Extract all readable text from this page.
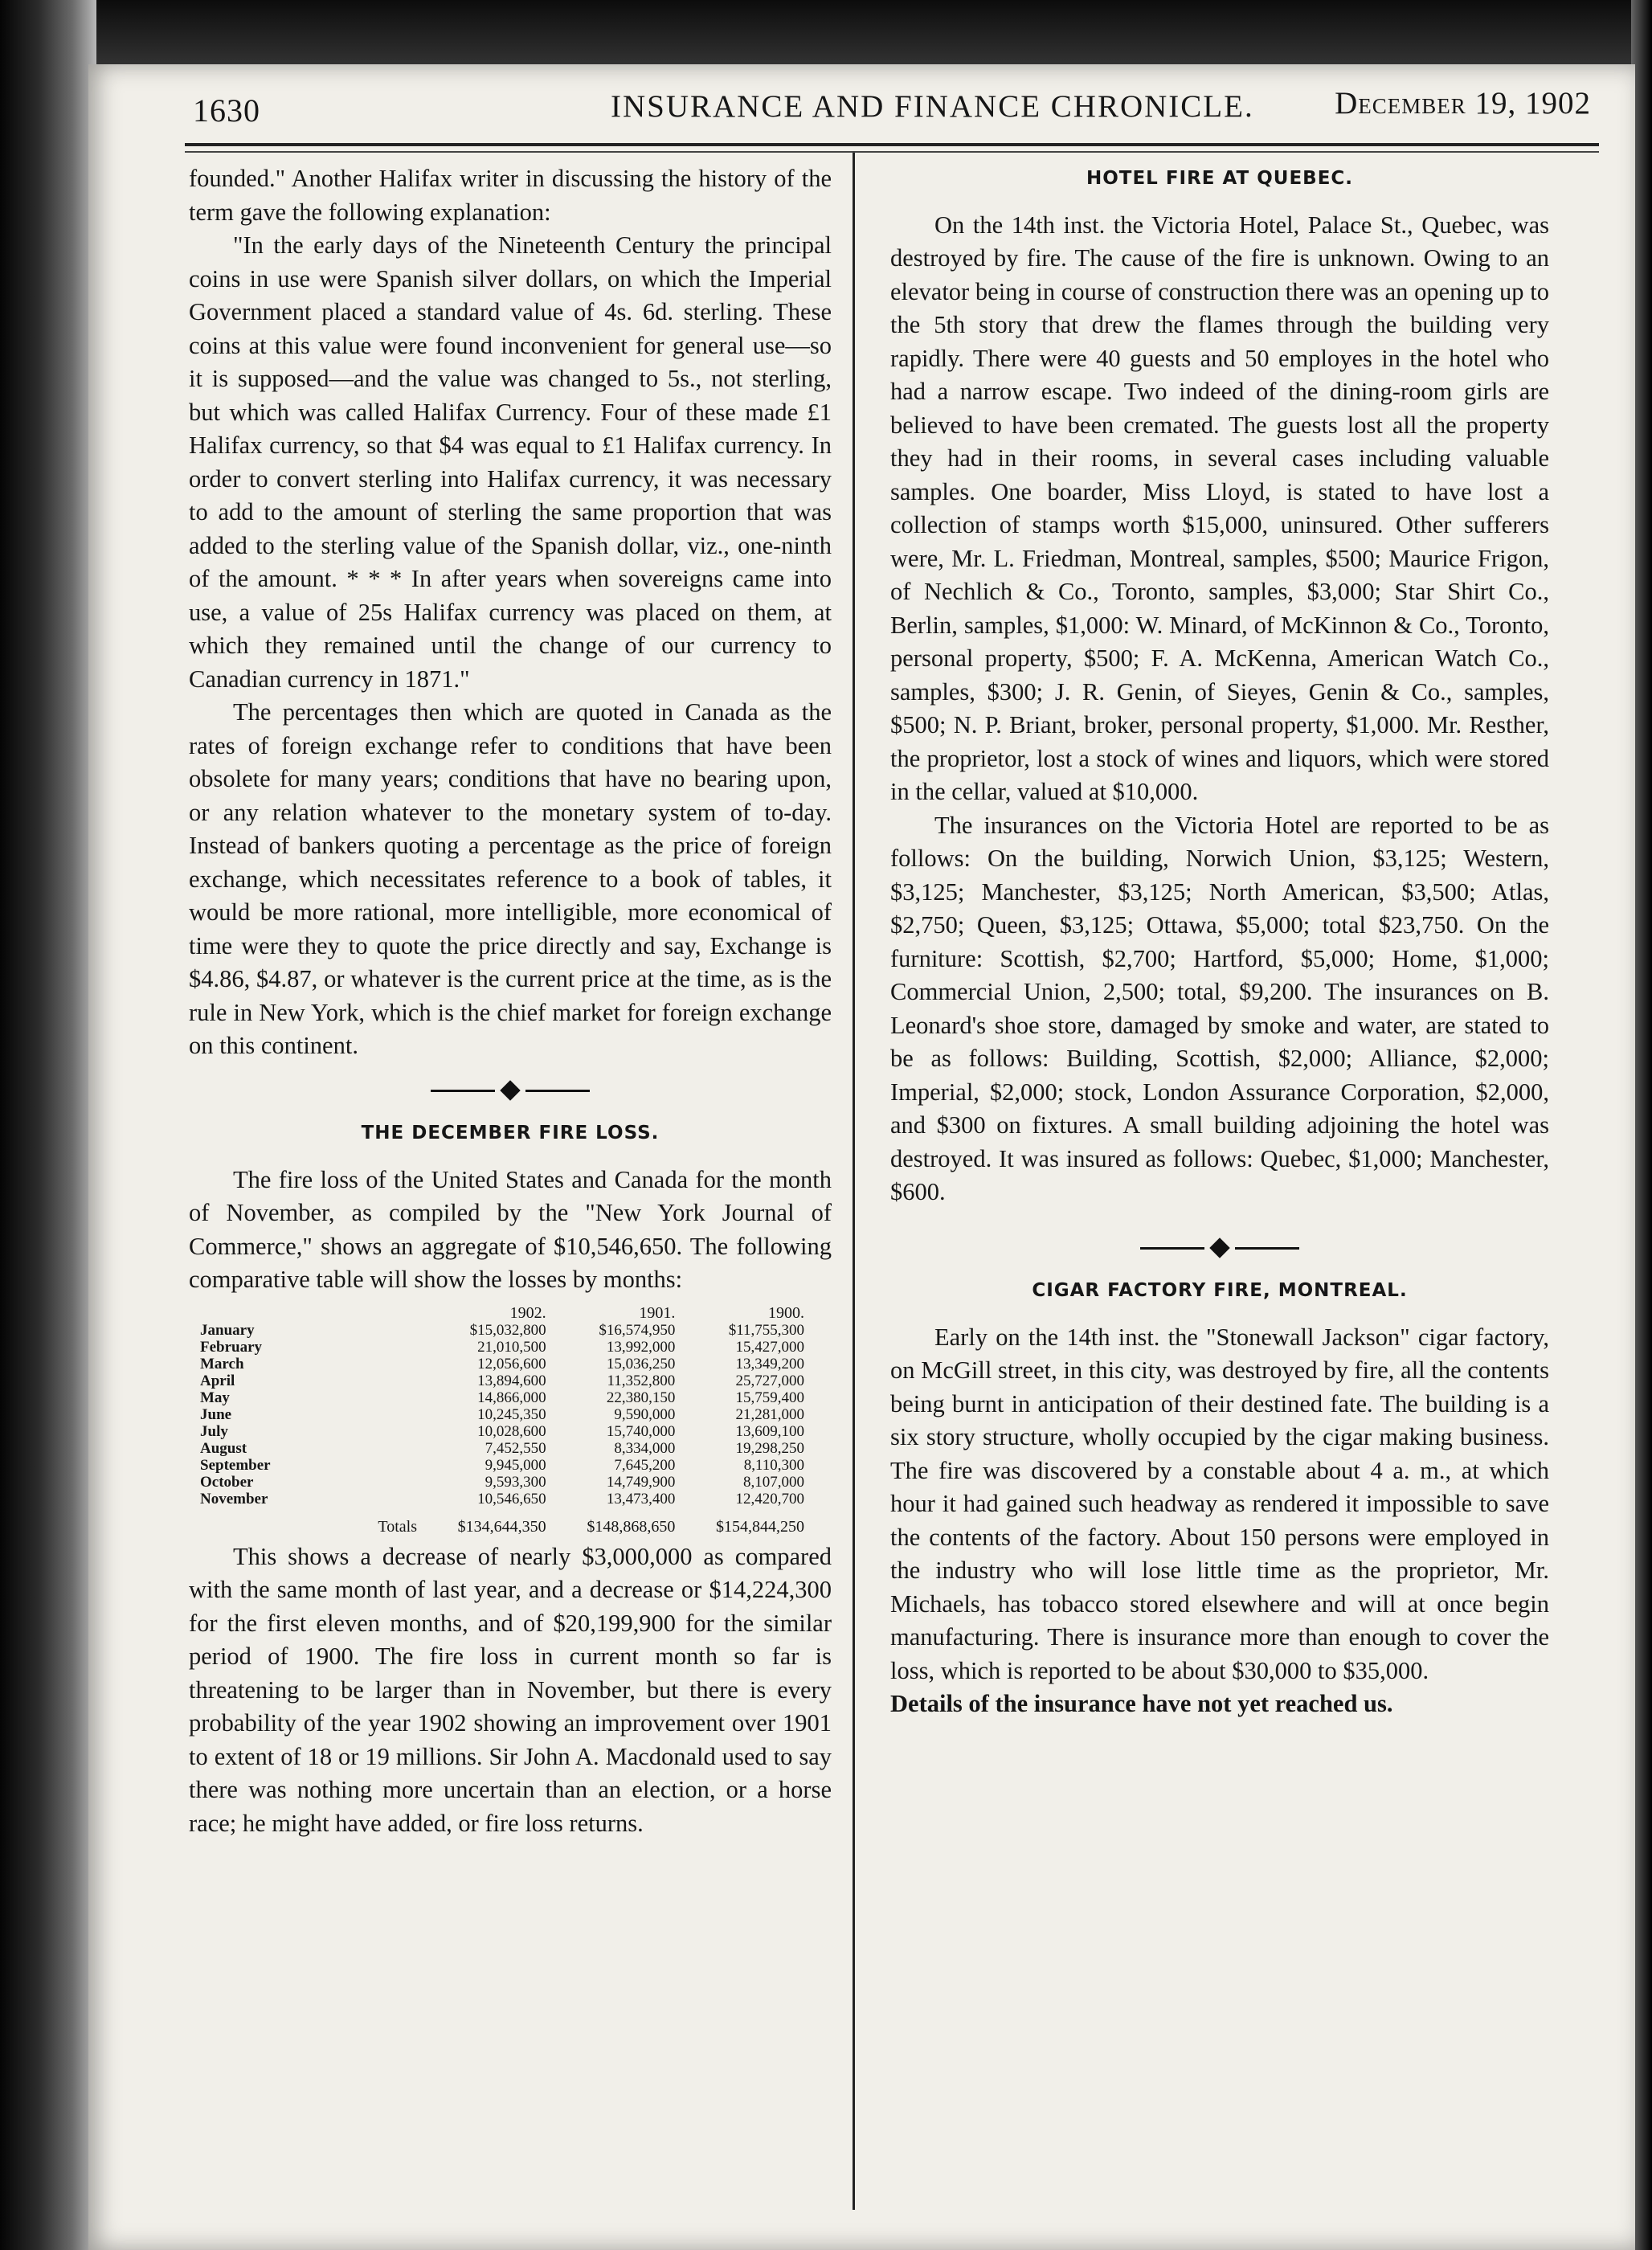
1630	INSURANCE AND FINANCE CHRONICLE.	December 19, 1902

founded." Another Halifax writer in discussing the history of the term gave the following explanation:

"In the early days of the Nineteenth Century the principal coins in use were Spanish silver dollars, on which the Imperial Government placed a standard value of 4s. 6d. sterling. These coins at this value were found inconvenient for general use—so it is supposed—and the value was changed to 5s., not sterling, but which was called Halifax Currency. Four of these made £1 Halifax currency, so that $4 was equal to £1 Halifax currency. In order to convert sterling into Halifax currency, it was necessary to add to the amount of sterling the same proportion that was added to the sterling value of the Spanish dollar, viz., one-ninth of the amount. * * * In after years when sovereigns came into use, a value of 25s Halifax currency was placed on them, at which they remained until the change of our currency to Canadian currency in 1871."

The percentages then which are quoted in Canada as the rates of foreign exchange refer to conditions that have been obsolete for many years; conditions that have no bearing upon, or any relation whatever to the monetary system of to-day. Instead of bankers quoting a percentage as the price of foreign exchange, which necessitates reference to a book of tables, it would be more rational, more intelligible, more economical of time were they to quote the price directly and say, Exchange is $4.86, $4.87, or whatever is the current price at the time, as is the rule in New York, which is the chief market for foreign exchange on this continent.

THE DECEMBER FIRE LOSS.

The fire loss of the United States and Canada for the month of November, as compiled by the "New York Journal of Commerce," shows an aggregate of $10,546,650. The following comparative table will show the losses by months:

	1902.	1901.	1900.
January	$15,032,800	$16,574,950	$11,755,300
February	21,010,500	13,992,000	15,427,000
March	12,056,600	15,036,250	13,349,200
April	13,894,600	11,352,800	25,727,000
May	14,866,000	22,380,150	15,759,400
June	10,245,350	9,590,000	21,281,000
July	10,028,600	15,740,000	13,609,100
August	7,452,550	8,334,000	19,298,250
September	9,945,000	7,645,200	8,110,300
October	9,593,300	14,749,900	8,107,000
November	10,546,650	13,473,400	12,420,700
Totals	$134,644,350	$148,868,650	$154,844,250

This shows a decrease of nearly $3,000,000 as compared with the same month of last year, and a decrease or $14,224,300 for the first eleven months, and of $20,199,900 for the similar period of 1900. The fire loss in current month so far is threatening to be larger than in November, but there is every probability of the year 1902 showing an improvement over 1901 to extent of 18 or 19 millions. Sir John A. Macdonald used to say there was nothing more uncertain than an election, or a horse race; he might have added, or fire loss returns.

HOTEL FIRE AT QUEBEC.

On the 14th inst. the Victoria Hotel, Palace St., Quebec, was destroyed by fire. The cause of the fire is unknown. Owing to an elevator being in course of construction there was an opening up to the 5th story that drew the flames through the building very rapidly. There were 40 guests and 50 employes in the hotel who had a narrow escape. Two indeed of the dining-room girls are believed to have been cremated. The guests lost all the property they had in their rooms, in several cases including valuable samples. One boarder, Miss Lloyd, is stated to have lost a collection of stamps worth $15,000, uninsured. Other sufferers were, Mr. L. Friedman, Montreal, samples, $500; Maurice Frigon, of Nechlich & Co., Toronto, samples, $3,000; Star Shirt Co., Berlin, samples, $1,000: W. Minard, of McKinnon & Co., Toronto, personal property, $500; F. A. McKenna, American Watch Co., samples, $300; J. R. Genin, of Sieyes, Genin & Co., samples, $500; N. P. Briant, broker, personal property, $1,000. Mr. Resther, the proprietor, lost a stock of wines and liquors, which were stored in the cellar, valued at $10,000.

The insurances on the Victoria Hotel are reported to be as follows: On the building, Norwich Union, $3,125; Western, $3,125; Manchester, $3,125; North American, $3,500; Atlas, $2,750; Queen, $3,125; Ottawa, $5,000; total $23,750. On the furniture: Scottish, $2,700; Hartford, $5,000; Home, $1,000; Commercial Union, 2,500; total, $9,200. The insurances on B. Leonard's shoe store, damaged by smoke and water, are stated to be as follows: Building, Scottish, $2,000; Alliance, $2,000; Imperial, $2,000; stock, London Assurance Corporation, $2,000, and $300 on fixtures. A small building adjoining the hotel was destroyed. It was insured as follows: Quebec, $1,000; Manchester, $600.

CIGAR FACTORY FIRE, MONTREAL.

Early on the 14th inst. the "Stonewall Jackson" cigar factory, on McGill street, in this city, was destroyed by fire, all the contents being burnt in anticipation of their destined fate. The building is a six story structure, wholly occupied by the cigar making business. The fire was discovered by a constable about 4 a. m., at which hour it had gained such headway as rendered it impossible to save the contents of the factory. About 150 persons were employed in the industry who will lose little time as the proprietor, Mr. Michaels, has tobacco stored elsewhere and will at once begin manufacturing. There is insurance more than enough to cover the loss, which is reported to be about $30,000 to $35,000.

Details of the insurance have not yet reached us.
